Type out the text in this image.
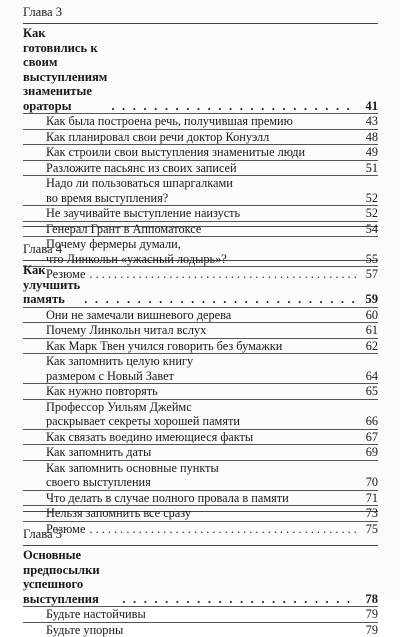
Глава 3
Как готовились к своим выступлениям
знаменитые ораторы . . .	41
Как была построена речь, получившая премию	43
Как планировал свои речи доктор Конуэлл	48
Как строили свои выступления знаменитые люди	49
Разложите пасьянс из своих записей	51
Надо ли пользоваться шпаргалками
во время выступления?	52
Не заучивайте выступление наизусть	52
Генерал Грант в Аппоматоксе	54
Почему фермеры думали,
что Линкольн «ужасный лодырь»?	55
Резюме . . .	57
Глава 4
Как улучшить память . . .	59
Они не замечали вишневого дерева	60
Почему Линкольн читал вслух	61
Как Марк Твен учился говорить без бумажки	62
Как запомнить целую книгу
размером с Новый Завет	64
Как нужно повторять	65
Профессор Уильям Джеймс
раскрывает секреты хорошей памяти	66
Как связать воедино имеющиеся факты	67
Как запомнить даты	69
Как запомнить основные пункты
своего выступления	70
Что делать в случае полного провала в памяти	71
Нельзя запомнить все сразу	73
Резюме . . .	75
Глава 5
Основные предпосылки успешного выступления . . .	78
Будьте настойчивы	79
Будьте упорны	79
